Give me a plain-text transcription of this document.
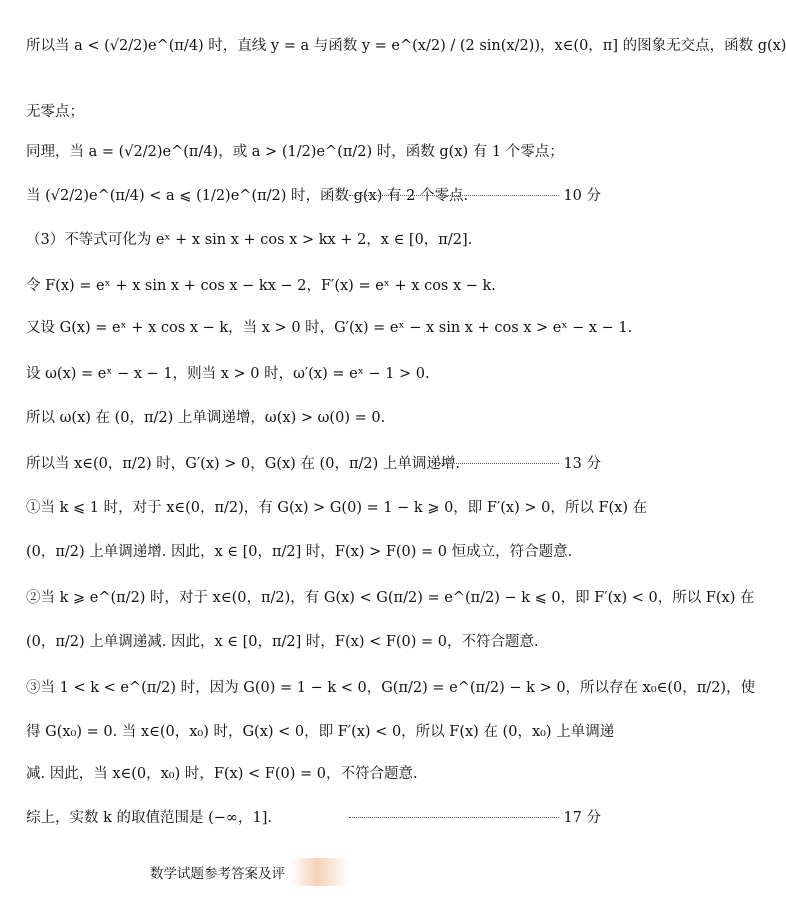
所以当 a < (√2/2)e^(π/4) 时，直线 y = a 与函数 y = e^(x/2) / (2 sin(x/2))，x∈(0，π] 的图象无交点，函数 g(x)
无零点；
同理，当 a = (√2/2)e^(π/4)，或 a > (1/2)e^(π/2) 时，函数 g(x) 有 1 个零点；
当 (√2/2)e^(π/4) < a ⩽ (1/2)e^(π/2) 时，函数 g(x) 有 2 个零点.	10 分
（3）不等式可化为 eˣ + x sin x + cos x > kx + 2，x ∈ [0，π/2].
令 F(x) = eˣ + x sin x + cos x − kx − 2，F′(x) = eˣ + x cos x − k.
又设 G(x) = eˣ + x cos x − k，当 x > 0 时，G′(x) = eˣ − x sin x + cos x > eˣ − x − 1.
设 ω(x) = eˣ − x − 1，则当 x > 0 时，ω′(x) = eˣ − 1 > 0.
所以 ω(x) 在 (0，π/2) 上单调递增，ω(x) > ω(0) = 0.
所以当 x∈(0，π/2) 时，G′(x) > 0，G(x) 在 (0，π/2) 上单调递增.	13 分
①当 k ⩽ 1 时，对于 x∈(0，π/2)，有 G(x) > G(0) = 1 − k ⩾ 0，即 F′(x) > 0，所以 F(x) 在
(0，π/2) 上单调递增. 因此，x ∈ [0，π/2] 时，F(x) > F(0) = 0 恒成立，符合题意.
②当 k ⩾ e^(π/2) 时，对于 x∈(0，π/2)，有 G(x) < G(π/2) = e^(π/2) − k ⩽ 0，即 F′(x) < 0，所以 F(x) 在
(0，π/2) 上单调递减. 因此，x ∈ [0，π/2] 时，F(x) < F(0) = 0，不符合题意.
③当 1 < k < e^(π/2) 时，因为 G(0) = 1 − k < 0，G(π/2) = e^(π/2) − k > 0，所以存在 x₀∈(0，π/2)，使
得 G(x₀) = 0. 当 x∈(0，x₀) 时，G(x) < 0，即 F′(x) < 0，所以 F(x) 在 (0，x₀) 上单调递
减. 因此，当 x∈(0，x₀) 时，F(x) < F(0) = 0，不符合题意.
综上，实数 k 的取值范围是 (−∞，1].	17 分
数学试题参考答案及评
